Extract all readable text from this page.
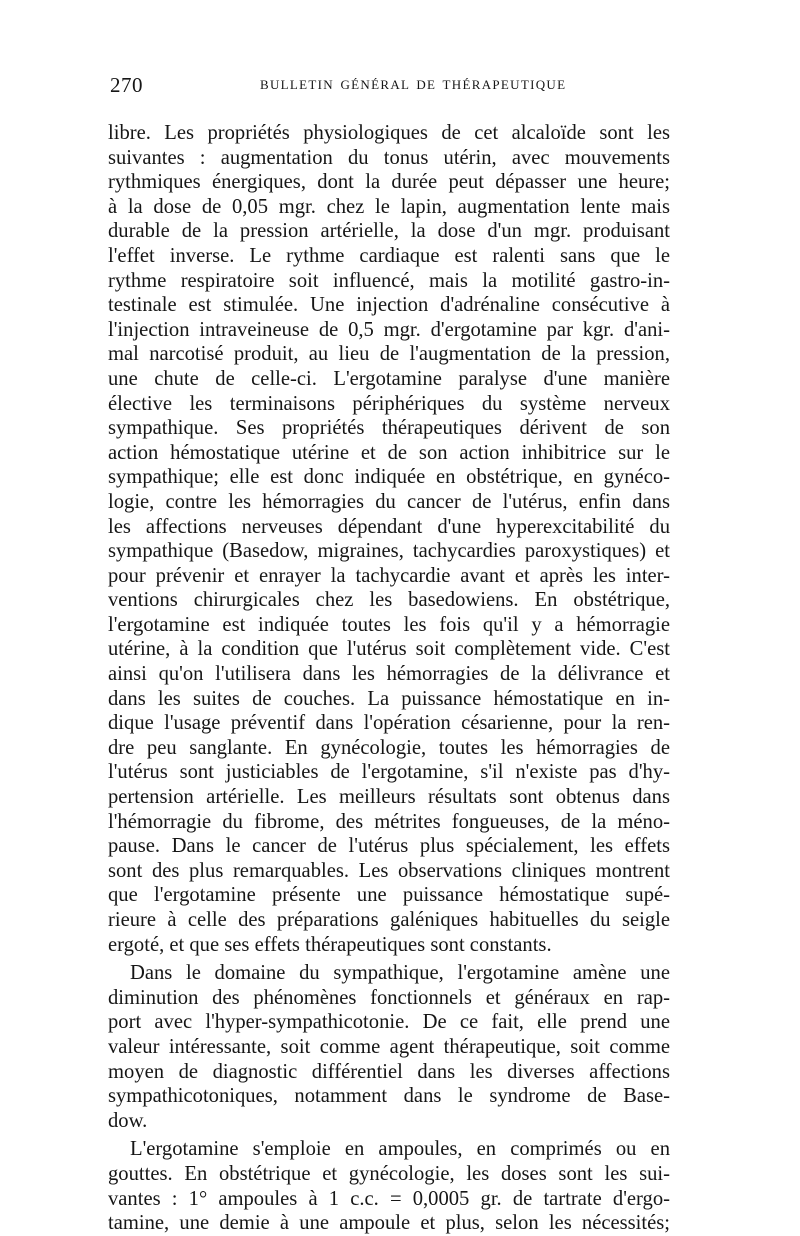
270	BULLETIN GÉNÉRAL DE THÉRAPEUTIQUE
libre. Les propriétés physiologiques de cet alcaloïde sont les
suivantes : augmentation du tonus utérin, avec mouvements
rythmiques énergiques, dont la durée peut dépasser une heure;
à la dose de 0,05 mgr. chez le lapin, augmentation lente mais
durable de la pression artérielle, la dose d'un mgr. produisant
l'effet inverse. Le rythme cardiaque est ralenti sans que le
rythme respiratoire soit influencé, mais la motilité gastro-in-
testinale est stimulée. Une injection d'adrénaline consécutive à
l'injection intraveineuse de 0,5 mgr. d'ergotamine par kgr. d'ani-
mal narcotisé produit, au lieu de l'augmentation de la pression,
une chute de celle-ci. L'ergotamine paralyse d'une manière
élective les terminaisons périphériques du système nerveux
sympathique. Ses propriétés thérapeutiques dérivent de son
action hémostatique utérine et de son action inhibitrice sur le
sympathique; elle est donc indiquée en obstétrique, en gynéco-
logie, contre les hémorragies du cancer de l'utérus, enfin dans
les affections nerveuses dépendant d'une hyperexcitabilité du
sympathique (Basedow, migraines, tachycardies paroxystiques) et
pour prévenir et enrayer la tachycardie avant et après les inter-
ventions chirurgicales chez les basedowiens. En obstétrique,
l'ergotamine est indiquée toutes les fois qu'il y a hémorragie
utérine, à la condition que l'utérus soit complètement vide. C'est
ainsi qu'on l'utilisera dans les hémorragies de la délivrance et
dans les suites de couches. La puissance hémostatique en in-
dique l'usage préventif dans l'opération césarienne, pour la ren-
dre peu sanglante. En gynécologie, toutes les hémorragies de
l'utérus sont justiciables de l'ergotamine, s'il n'existe pas d'hy-
pertension artérielle. Les meilleurs résultats sont obtenus dans
l'hémorragie du fibrome, des métrites fongueuses, de la méno-
pause. Dans le cancer de l'utérus plus spécialement, les effets
sont des plus remarquables. Les observations cliniques montrent
que l'ergotamine présente une puissance hémostatique supé-
rieure à celle des préparations galéniques habituelles du seigle
ergoté, et que ses effets thérapeutiques sont constants.
Dans le domaine du sympathique, l'ergotamine amène une
diminution des phénomènes fonctionnels et généraux en rap-
port avec l'hyper-sympathicotonie. De ce fait, elle prend une
valeur intéressante, soit comme agent thérapeutique, soit comme
moyen de diagnostic différentiel dans les diverses affections
sympathicotoniques, notamment dans le syndrome de Base-
dow.
L'ergotamine s'emploie en ampoules, en comprimés ou en
gouttes. En obstétrique et gynécologie, les doses sont les sui-
vantes : 1° ampoules à 1 c.c. = 0,0005 gr. de tartrate d'ergo-
tamine, une demie à une ampoule et plus, selon les nécessités;
